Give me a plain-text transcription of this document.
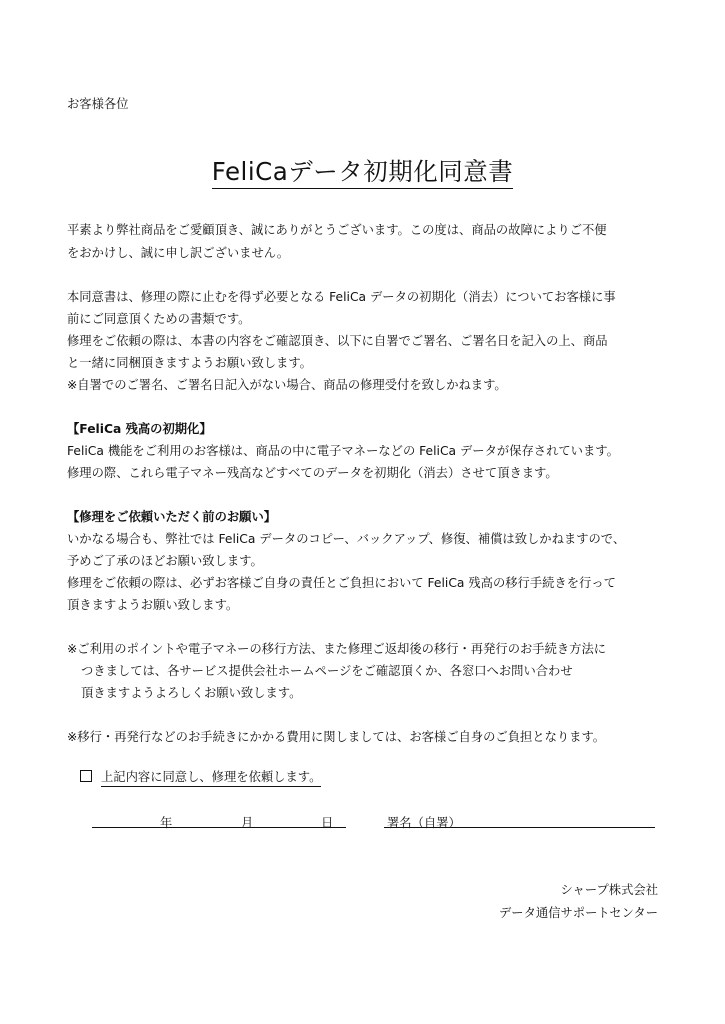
お客様各位
FeliCaデータ初期化同意書
平素より弊社商品をご愛顧頂き、誠にありがとうございます。この度は、商品の故障によりご不便
をおかけし、誠に申し訳ございません。
本同意書は、修理の際に止むを得ず必要となる FeliCa データの初期化（消去）についてお客様に事
前にご同意頂くための書類です。
修理をご依頼の際は、本書の内容をご確認頂き、以下に自署でご署名、ご署名日を記入の上、商品
と一緒に同梱頂きますようお願い致します。
※自署でのご署名、ご署名日記入がない場合、商品の修理受付を致しかねます。
【FeliCa 残高の初期化】
FeliCa 機能をご利用のお客様は、商品の中に電子マネーなどの FeliCa データが保存されています。
修理の際、これら電子マネー残高などすべてのデータを初期化（消去）させて頂きます。
【修理をご依頼いただく前のお願い】
いかなる場合も、弊社では FeliCa データのコピー、バックアップ、修復、補償は致しかねますので、
予めご了承のほどお願い致します。
修理をご依頼の際は、必ずお客様ご自身の責任とご負担において FeliCa 残高の移行手続きを行って
頂きますようお願い致します。
※ご利用のポイントや電子マネーの移行方法、また修理ご返却後の移行・再発行のお手続き方法に
つきましては、各サービス提供会社ホームページをご確認頂くか、各窓口へお問い合わせ
頂きますようよろしくお願い致します。
※移行・再発行などのお手続きにかかる費用に関しましては、お客様ご自身のご負担となります。
上記内容に同意し、修理を依頼します。
年	月	日	署名（自署）
シャープ株式会社
データ通信サポートセンター
